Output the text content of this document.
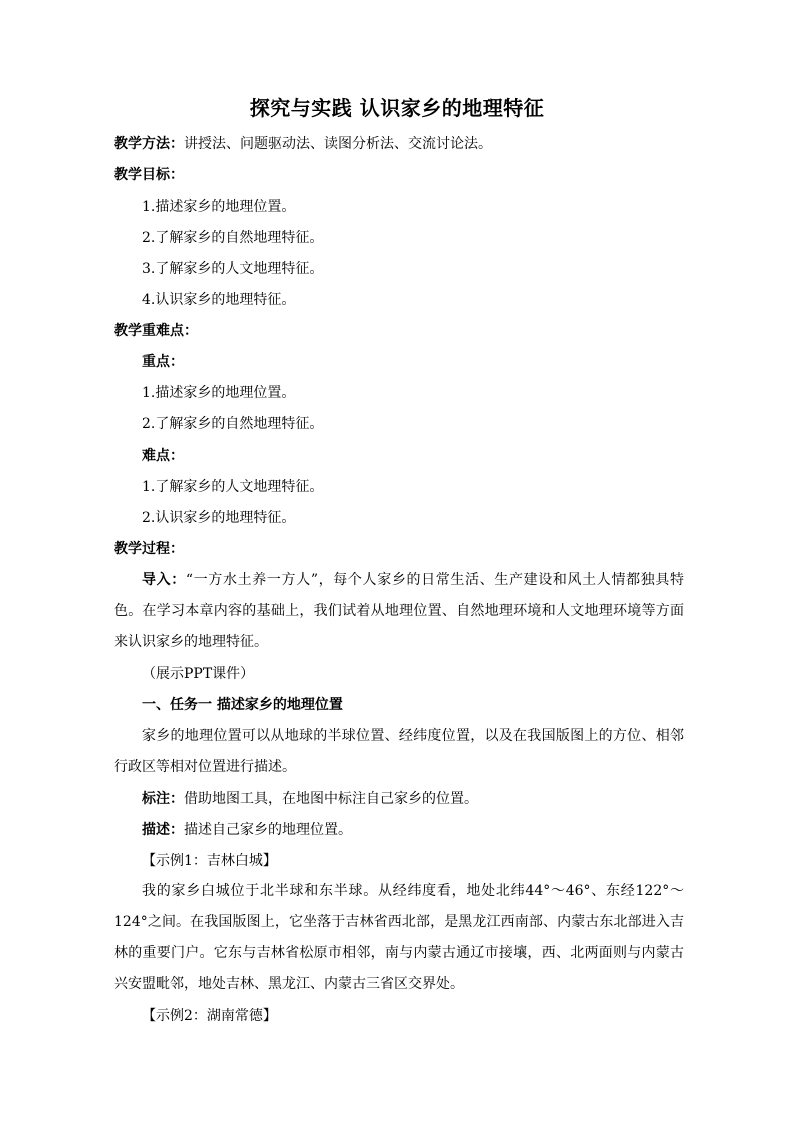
探究与实践 认识家乡的地理特征
教学方法：讲授法、问题驱动法、读图分析法、交流讨论法。
教学目标：
1.描述家乡的地理位置。
2.了解家乡的自然地理特征。
3.了解家乡的人文地理特征。
4.认识家乡的地理特征。
教学重难点：
重点：
1.描述家乡的地理位置。
2.了解家乡的自然地理特征。
难点：
1.了解家乡的人文地理特征。
2.认识家乡的地理特征。
教学过程：
导入：“一方水土养一方人”，每个人家乡的日常生活、生产建设和风土人情都独具特色。在学习本章内容的基础上，我们试着从地理位置、自然地理环境和人文地理环境等方面来认识家乡的地理特征。
（展示PPT课件）
一、任务一 描述家乡的地理位置
家乡的地理位置可以从地球的半球位置、经纬度位置，以及在我国版图上的方位、相邻行政区等相对位置进行描述。
标注：借助地图工具，在地图中标注自己家乡的位置。
描述：描述自己家乡的地理位置。
【示例1：吉林白城】
我的家乡白城位于北半球和东半球。从经纬度看，地处北纬44°～46°、东经122°～124°之间。在我国版图上，它坐落于吉林省西北部，是黑龙江西南部、内蒙古东北部进入吉林的重要门户。它东与吉林省松原市相邻，南与内蒙古通辽市接壤，西、北两面则与内蒙古兴安盟毗邻，地处吉林、黑龙江、内蒙古三省区交界处。
【示例2：湖南常德】
